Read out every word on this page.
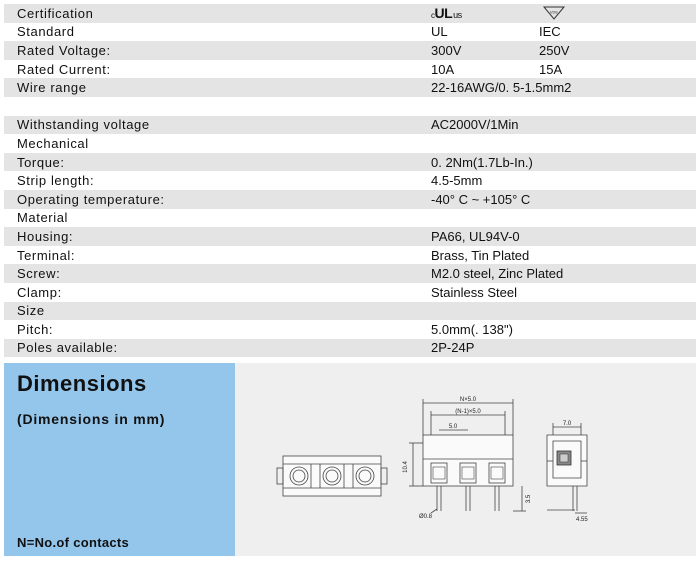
Certification	cULus	VDE
Standard	UL	IEC
Rated Voltage:	300V	250V
Rated Current:	10A	15A
Wire range	22-16AWG/0. 5-1.5mm2
Withstanding voltage	AC2000V/1Min
Mechanical
Torque:	0. 2Nm(1.7Lb-In.)
Strip length:	4.5-5mm
Operating temperature:	-40° C ~ +105° C
Material
Housing:	PA66, UL94V-0
Terminal:	Brass, Tin Plated
Screw:	M2.0 steel, Zinc Plated
Clamp:	Stainless Steel
Size
Pitch:	5.0mm(. 138")
Poles available:	2P-24P
Dimensions
(Dimensions in mm)
N=No.of contacts
N×5.0
(N-1)×5.0
5.0
10.4
3.5
Ø0.8
7.0
4.55
